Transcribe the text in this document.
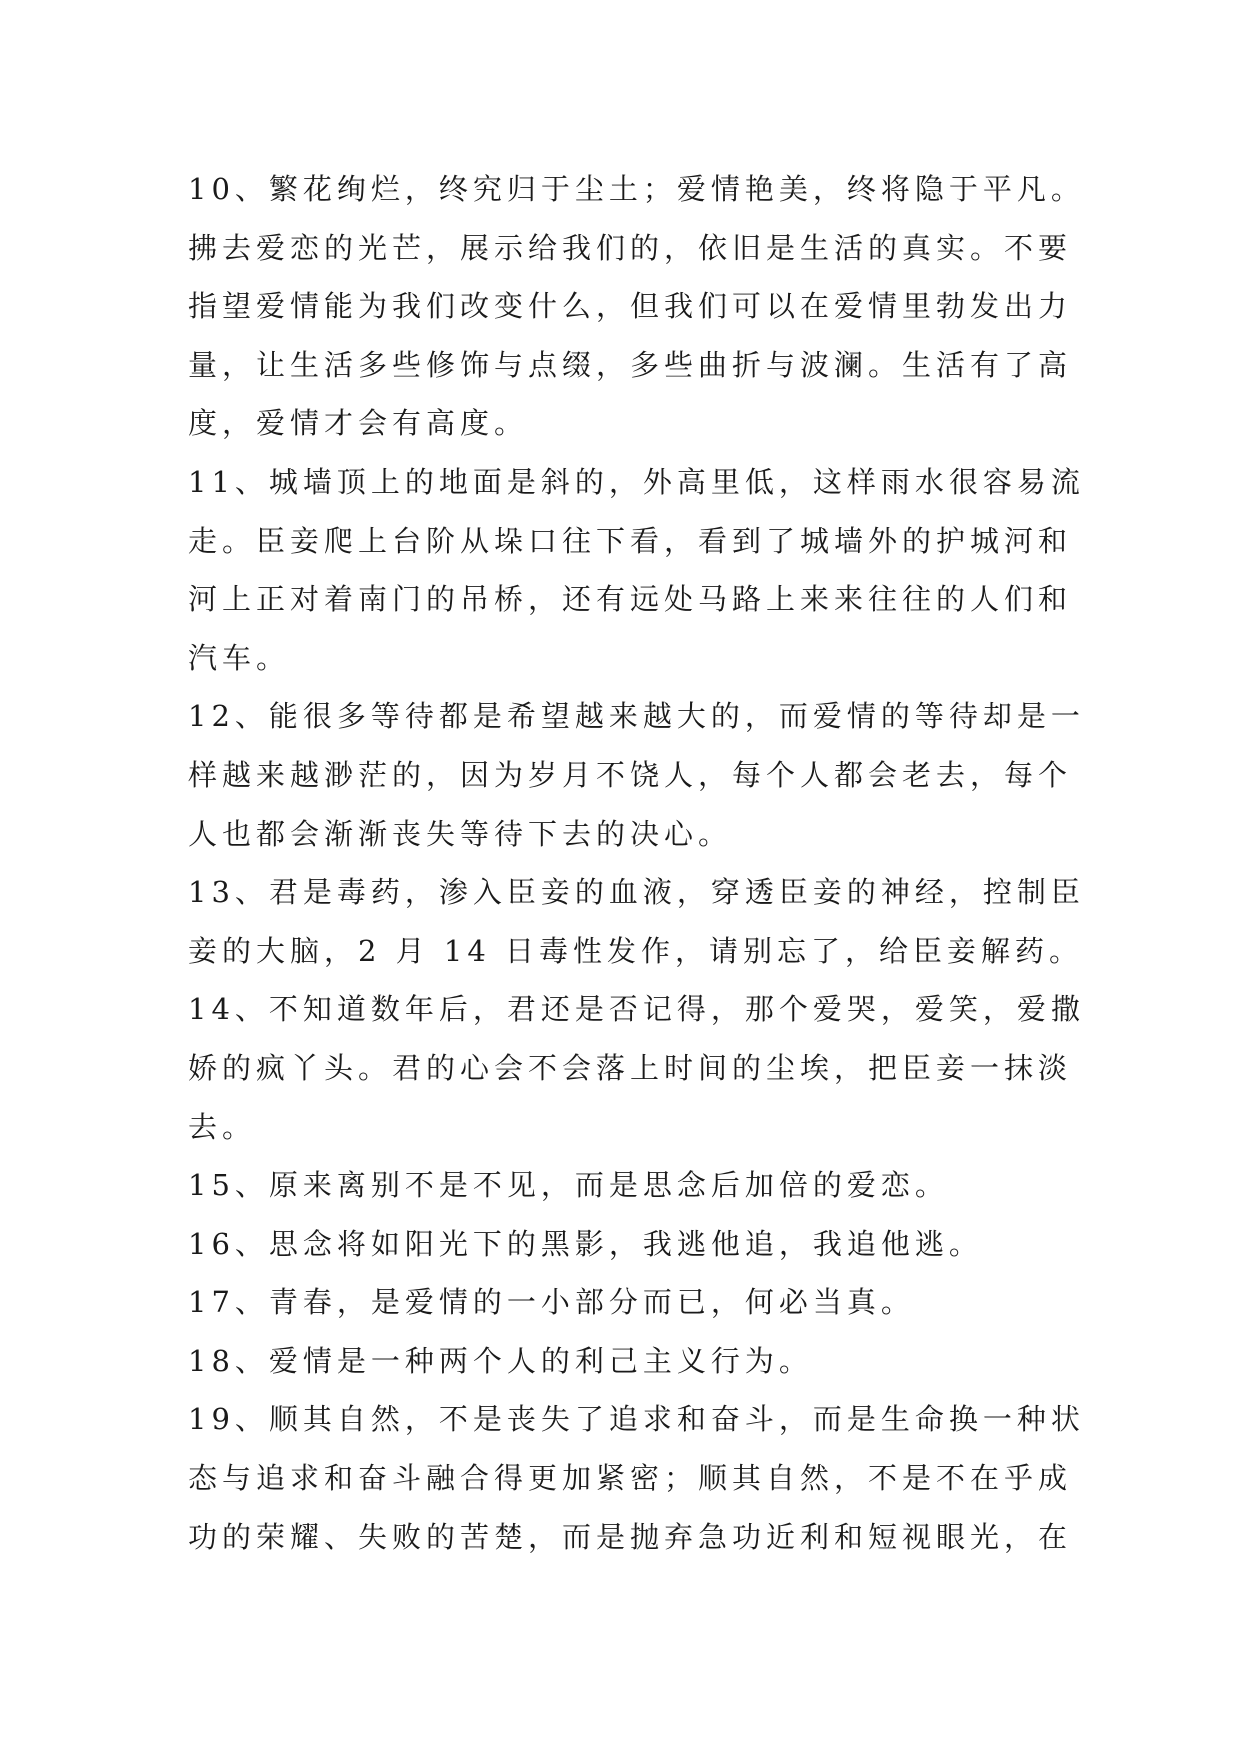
10、繁花绚烂，终究归于尘土；爱情艳美，终将隐于平凡。
拂去爱恋的光芒，展示给我们的，依旧是生活的真实。不要
指望爱情能为我们改变什么，但我们可以在爱情里勃发出力
量，让生活多些修饰与点缀，多些曲折与波澜。生活有了高
度，爱情才会有高度。
11、城墙顶上的地面是斜的，外高里低，这样雨水很容易流
走。臣妾爬上台阶从垛口往下看，看到了城墙外的护城河和
河上正对着南门的吊桥，还有远处马路上来来往往的人们和
汽车。
12、能很多等待都是希望越来越大的，而爱情的等待却是一
样越来越渺茫的，因为岁月不饶人，每个人都会老去，每个
人也都会渐渐丧失等待下去的决心。
13、君是毒药，渗入臣妾的血液，穿透臣妾的神经，控制臣
妾的大脑，2 月 14 日毒性发作，请别忘了，给臣妾解药。
14、不知道数年后，君还是否记得，那个爱哭，爱笑，爱撒
娇的疯丫头。君的心会不会落上时间的尘埃，把臣妾一抹淡
去。
15、原来离别不是不见，而是思念后加倍的爱恋。
16、思念将如阳光下的黑影，我逃他追，我追他逃。
17、青春，是爱情的一小部分而已，何必当真。
18、爱情是一种两个人的利己主义行为。
19、顺其自然，不是丧失了追求和奋斗，而是生命换一种状
态与追求和奋斗融合得更加紧密；顺其自然，不是不在乎成
功的荣耀、失败的苦楚，而是抛弃急功近利和短视眼光，在
